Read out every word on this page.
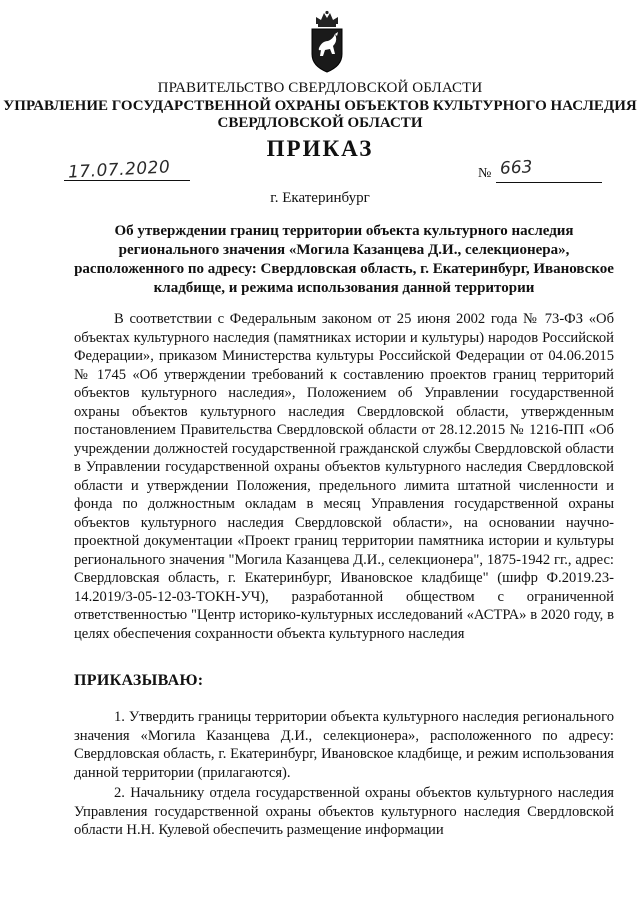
ПРАВИТЕЛЬСТВО СВЕРДЛОВСКОЙ ОБЛАСТИ
УПРАВЛЕНИЕ ГОСУДАРСТВЕННОЙ ОХРАНЫ ОБЪЕКТОВ КУЛЬТУРНОГО НАСЛЕДИЯ
СВЕРДЛОВСКОЙ ОБЛАСТИ
ПРИКАЗ
17.07.2020	№ 663
г. Екатеринбург
Об утверждении границ территории объекта культурного наследия регионального значения «Могила Казанцева Д.И., селекционера», расположенного по адресу: Свердловская область, г. Екатеринбург, Ивановское кладбище, и режима использования данной территории
В соответствии с Федеральным законом от 25 июня 2002 года № 73-ФЗ «Об объектах культурного наследия (памятниках истории и культуры) народов Российской Федерации», приказом Министерства культуры Российской Федерации от 04.06.2015 № 1745 «Об утверждении требований к составлению проектов границ территорий объектов культурного наследия», Положением об Управлении государственной охраны объектов культурного наследия Свердловской области, утвержденным постановлением Правительства Свердловской области от 28.12.2015 № 1216-ПП «Об учреждении должностей государственной гражданской службы Свердловской области в Управлении государственной охраны объектов культурного наследия Свердловской области и утверждении Положения, предельного лимита штатной численности и фонда по должностным окладам в месяц Управления государственной охраны объектов культурного наследия Свердловской области», на основании научно-проектной документации «Проект границ территории памятника истории и культуры регионального значения "Могила Казанцева Д.И., селекционера", 1875-1942 гг., адрес: Свердловская область, г. Екатеринбург, Ивановское кладбище" (шифр Ф.2019.23-14.2019/3-05-12-03-ТОКН-УЧ), разработанной обществом с ограниченной ответственностью "Центр историко-культурных исследований «АСТРА» в 2020 году, в целях обеспечения сохранности объекта культурного наследия
ПРИКАЗЫВАЮ:
1. Утвердить границы территории объекта культурного наследия регионального значения «Могила Казанцева Д.И., селекционера», расположенного по адресу: Свердловская область, г. Екатеринбург, Ивановское кладбище, и режим использования данной территории (прилагаются).
2. Начальнику отдела государственной охраны объектов культурного наследия Управления государственной охраны объектов культурного наследия Свердловской области Н.Н. Кулевой обеспечить размещение информации
